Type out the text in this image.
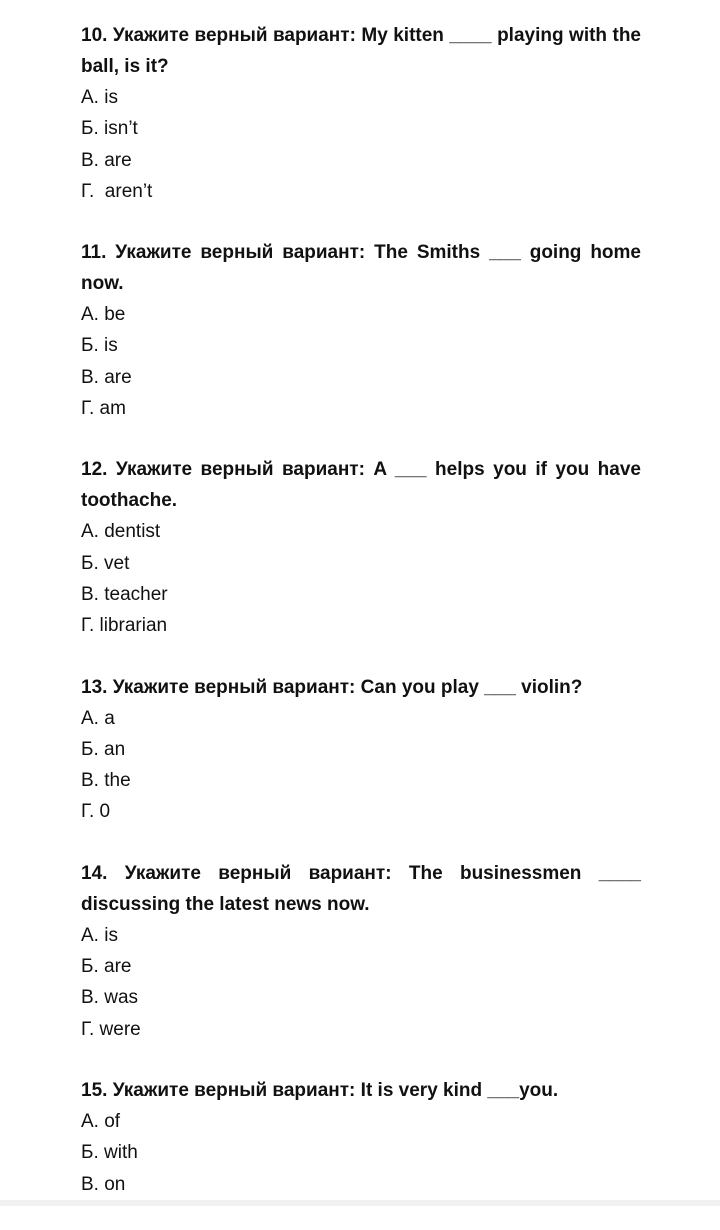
10. Укажите верный вариант: My kitten ____ playing with the ball, is it?

А. is

Б. isn’t

В. are

Г.  aren’t

11. Укажите верный вариант: The Smiths ___ going home now.

А. be

Б. is

В. are

Г. am

12. Укажите верный вариант: A ___ helps you if you have toothache.

А. dentist

Б. vet

В. teacher

Г. librarian

13. Укажите верный вариант: Can you play ___ violin?

А. a

Б. an

В. the

Г. 0

14. Укажите верный вариант: The businessmen ____ discussing the latest news now.

А. is

Б. are

В. was

Г. were

15. Укажите верный вариант: It is very kind ___you.

А. of

Б. with

В. on
